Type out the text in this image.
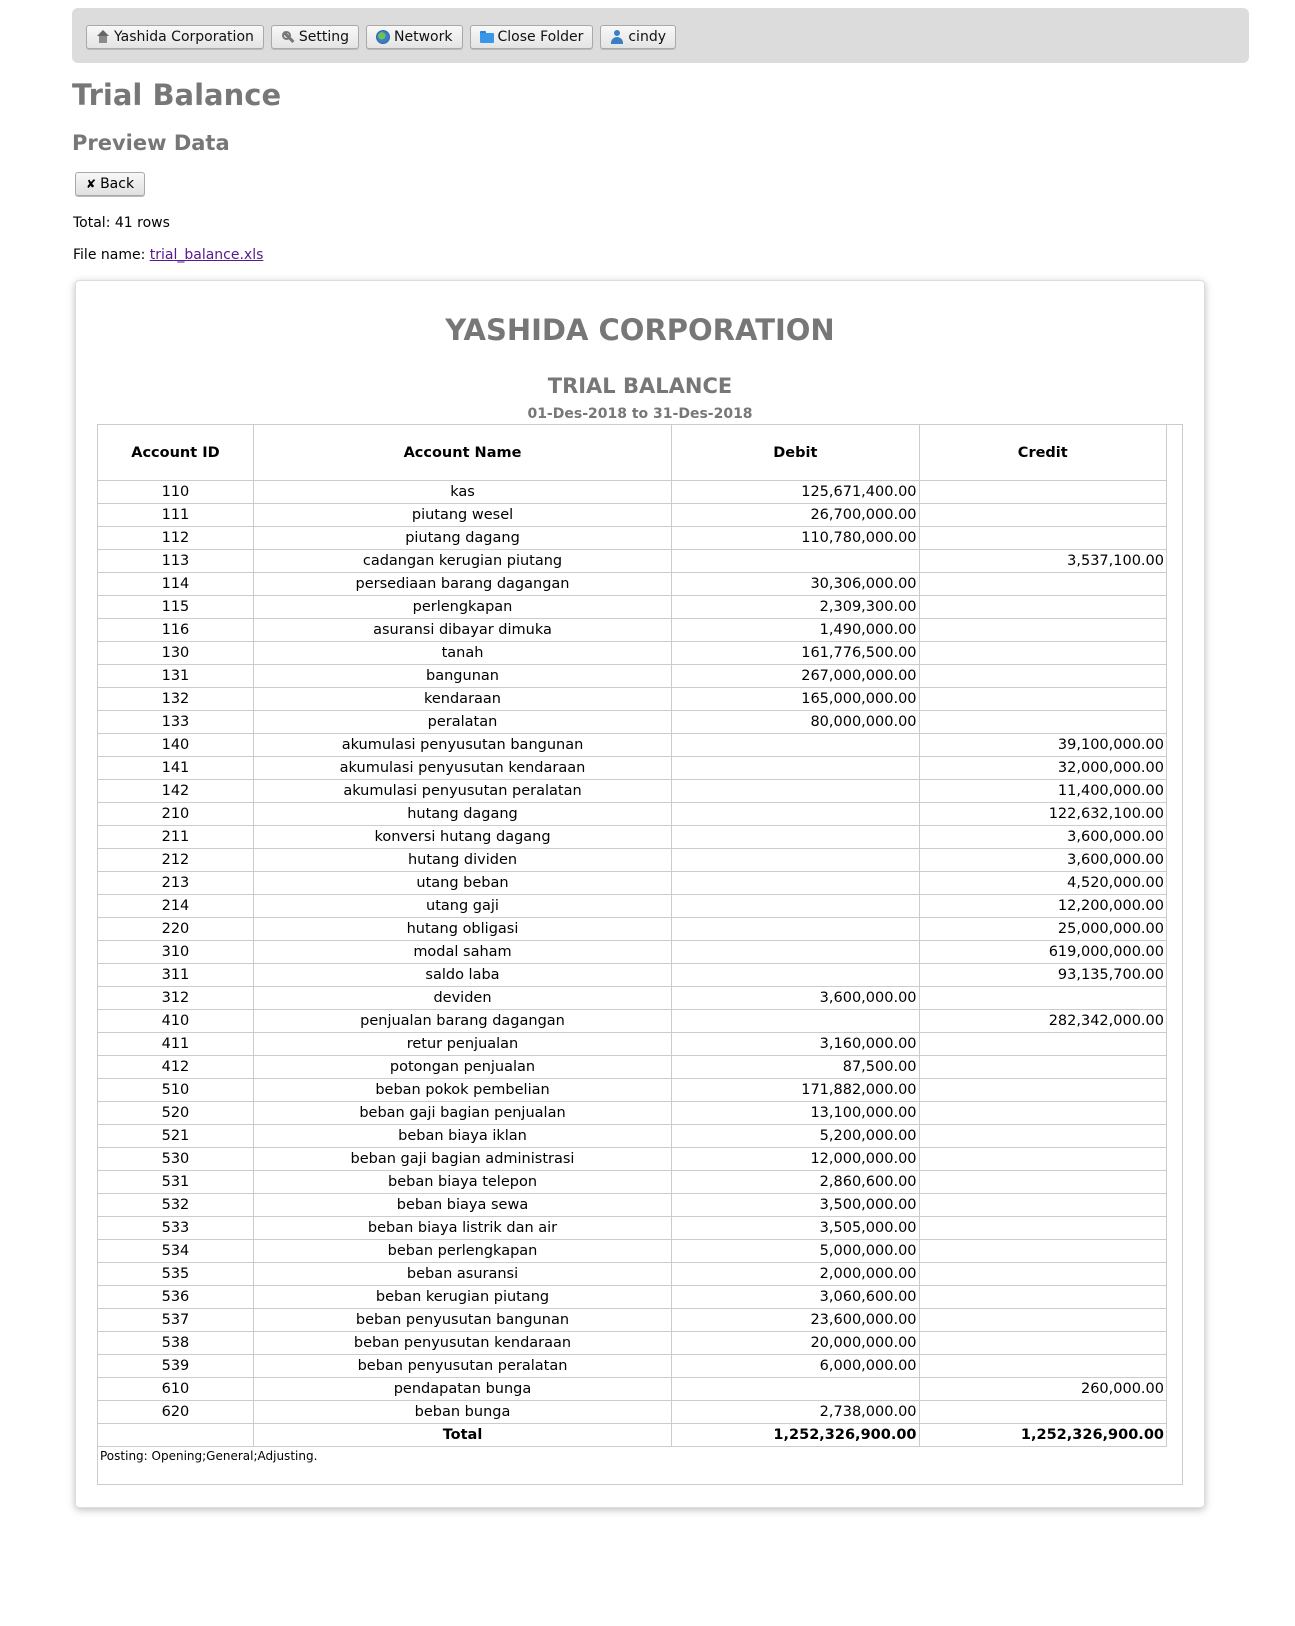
Yashida Corporation	Setting	Network	Close Folder	cindy
Trial Balance
Preview Data
✘ Back
Total: 41 rows
File name: trial_balance.xls
YASHIDA CORPORATION
TRIAL BALANCE
01-Des-2018 to 31-Des-2018
Account ID	Account Name	Debit	Credit
110	kas	125,671,400.00	
111	piutang wesel	26,700,000.00	
112	piutang dagang	110,780,000.00	
113	cadangan kerugian piutang		3,537,100.00
114	persediaan barang dagangan	30,306,000.00	
115	perlengkapan	2,309,300.00	
116	asuransi dibayar dimuka	1,490,000.00	
130	tanah	161,776,500.00	
131	bangunan	267,000,000.00	
132	kendaraan	165,000,000.00	
133	peralatan	80,000,000.00	
140	akumulasi penyusutan bangunan		39,100,000.00
141	akumulasi penyusutan kendaraan		32,000,000.00
142	akumulasi penyusutan peralatan		11,400,000.00
210	hutang dagang		122,632,100.00
211	konversi hutang dagang		3,600,000.00
212	hutang dividen		3,600,000.00
213	utang beban		4,520,000.00
214	utang gaji		12,200,000.00
220	hutang obligasi		25,000,000.00
310	modal saham		619,000,000.00
311	saldo laba		93,135,700.00
312	deviden	3,600,000.00	
410	penjualan barang dagangan		282,342,000.00
411	retur penjualan	3,160,000.00	
412	potongan penjualan	87,500.00	
510	beban pokok pembelian	171,882,000.00	
520	beban gaji bagian penjualan	13,100,000.00	
521	beban biaya iklan	5,200,000.00	
530	beban gaji bagian administrasi	12,000,000.00	
531	beban biaya telepon	2,860,600.00	
532	beban biaya sewa	3,500,000.00	
533	beban biaya listrik dan air	3,505,000.00	
534	beban perlengkapan	5,000,000.00	
535	beban asuransi	2,000,000.00	
536	beban kerugian piutang	3,060,600.00	
537	beban penyusutan bangunan	23,600,000.00	
538	beban penyusutan kendaraan	20,000,000.00	
539	beban penyusutan peralatan	6,000,000.00	
610	pendapatan bunga		260,000.00
620	beban bunga	2,738,000.00	
	Total	1,252,326,900.00	1,252,326,900.00
Posting: Opening;General;Adjusting.
